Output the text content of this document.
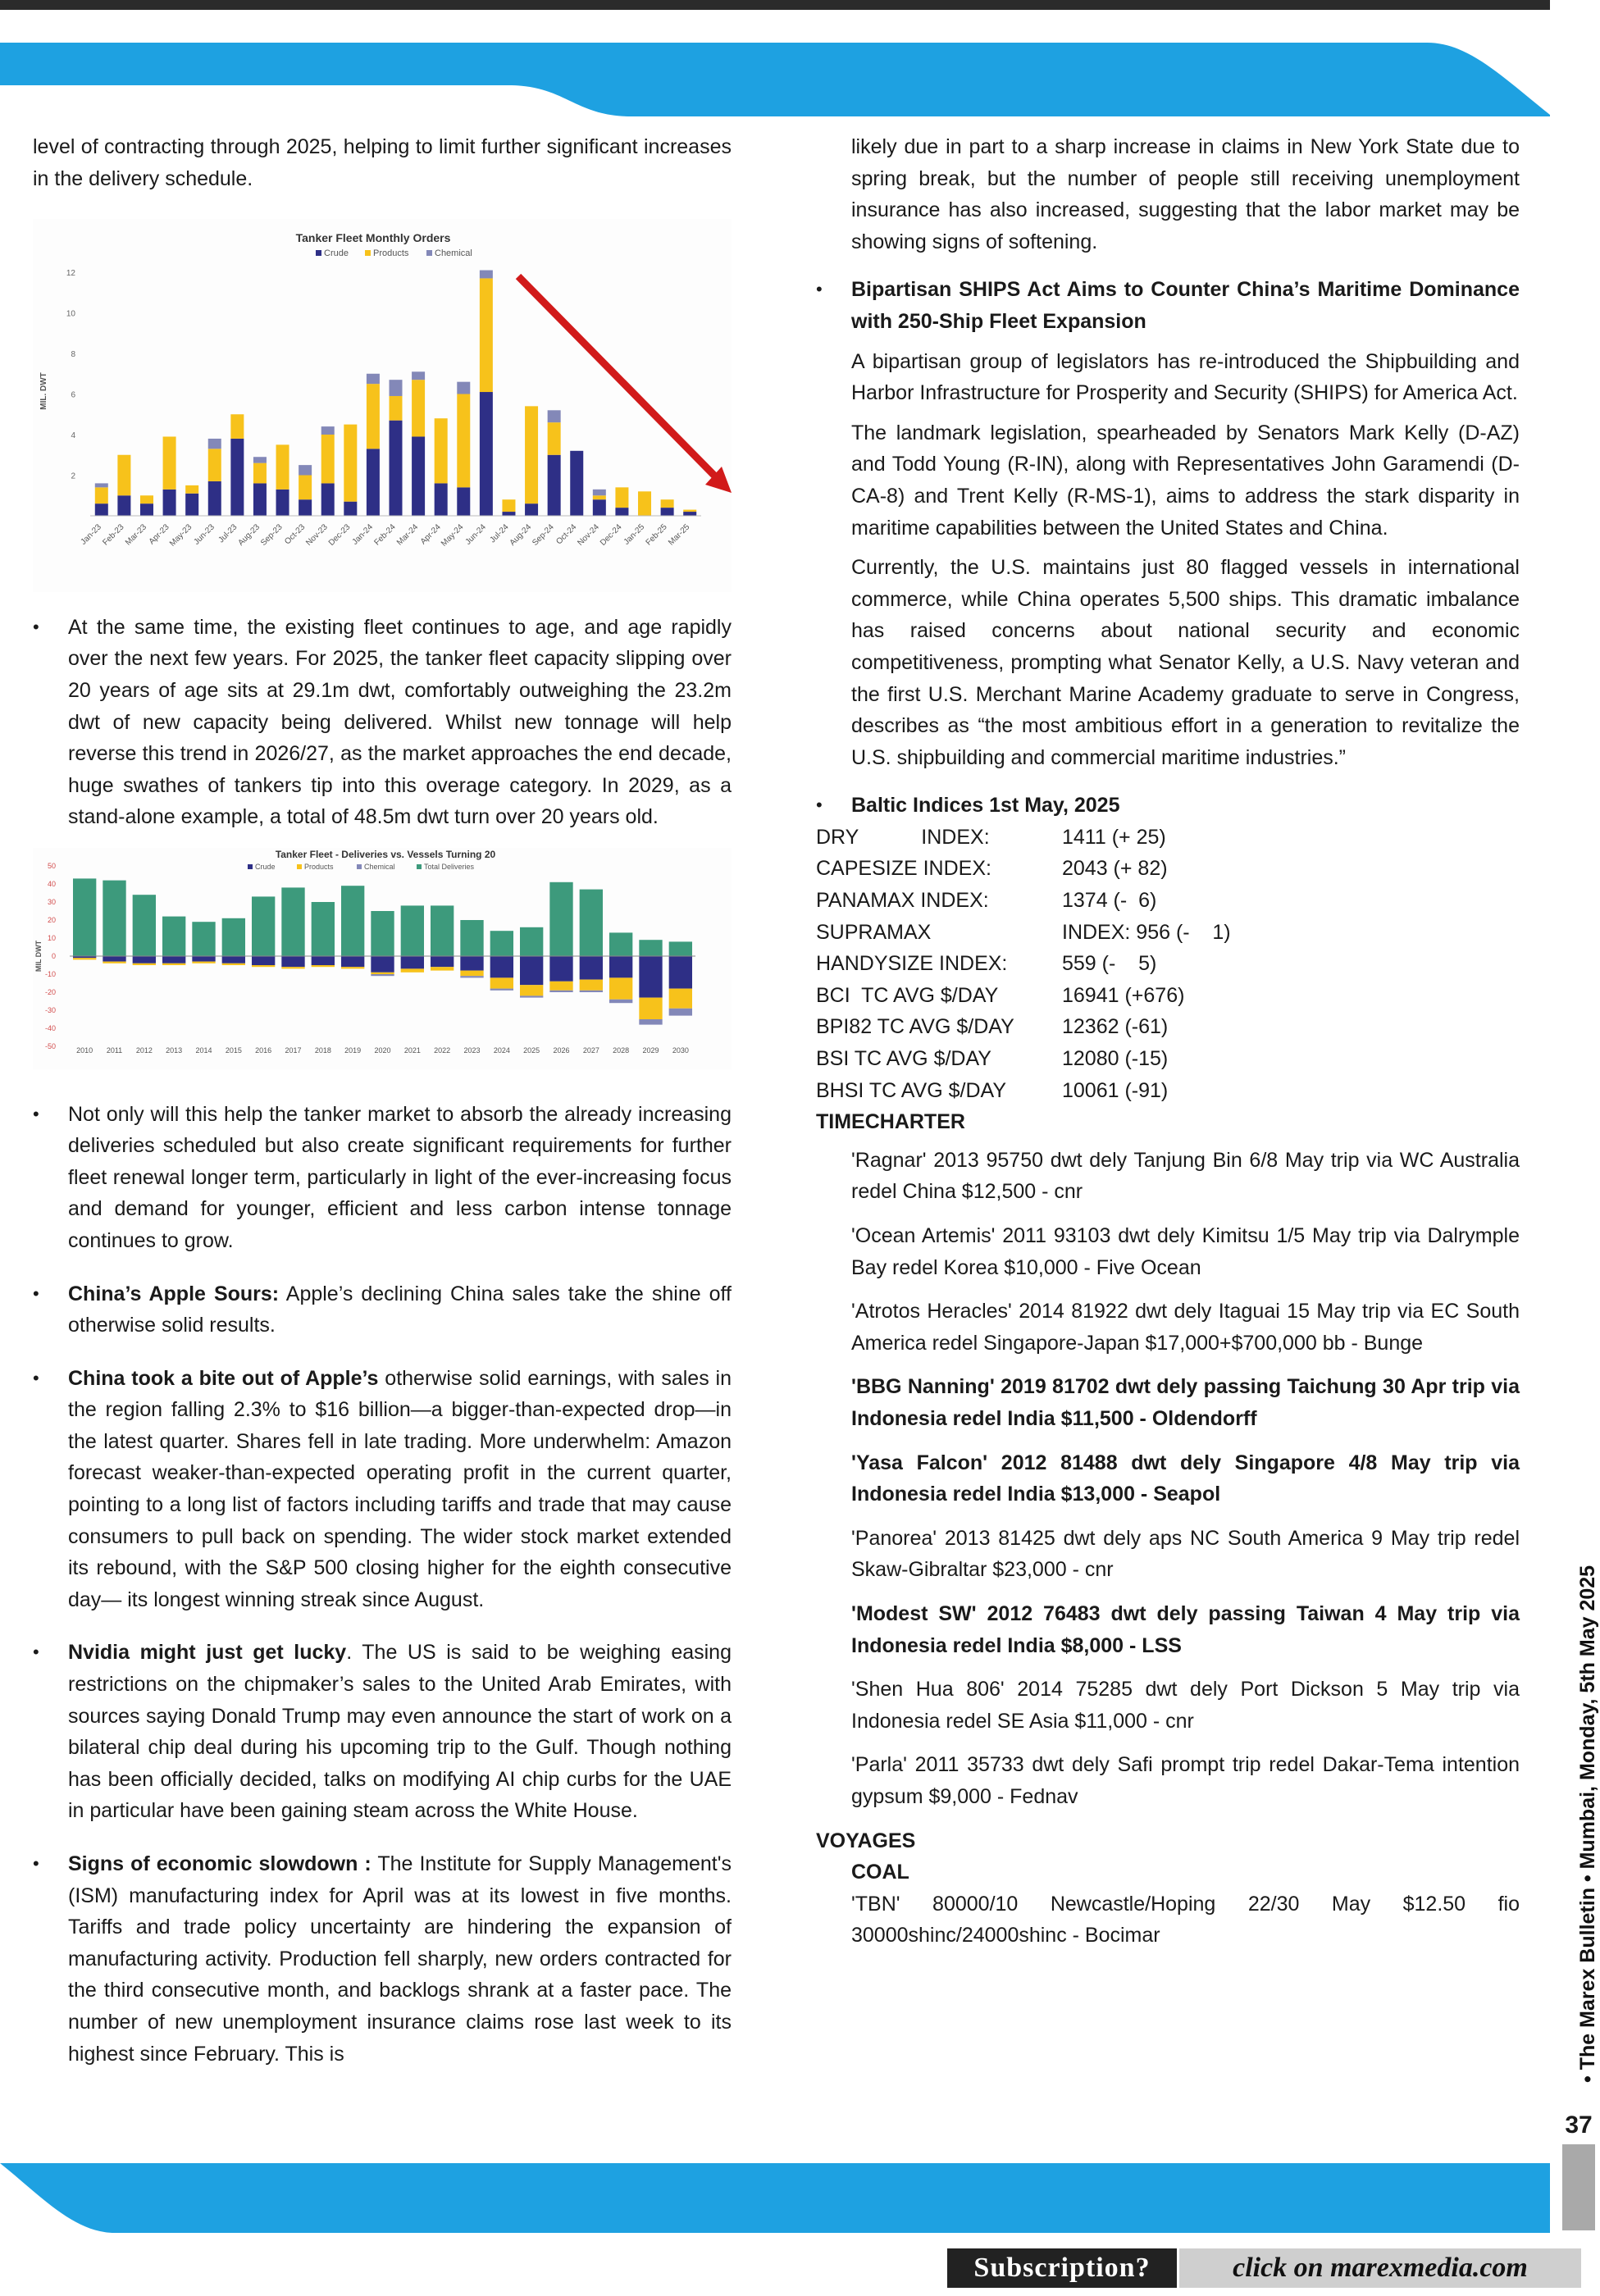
level of contracting through 2025, helping to limit further significant increases in the delivery schedule.

Tanker Fleet Monthly Orders
Crude	Products	Chemical
2
4
6
8
10
12
MIL. DWT
Jan-23
Feb-23
Mar-23
Apr-23
May-23
Jun-23 Jul-23
Aug-23
Sep-23
Oct-23
Nov-23
Dec-23
Jan-24
Feb-24
Mar-24
Apr-24
May-24
Jun-24 Jul-24
Aug-24
Sep-24
Oct-24
Nov-24
Dec-24
Jan-25
Feb-25
Mar-25
•	At the same time, the existing fleet continues to age, and age rapidly over the next few years. For 2025, the tanker fleet capacity slipping over 20 years of age sits at 29.1m dwt, comfortably outweighing the 23.2m dwt of new capacity being delivered. Whilst new tonnage will help reverse this trend in 2026/27, as the market approaches the end decade, huge swathes of tankers tip into this overage category. In 2029, as a stand-alone example, a total of 48.5m dwt turn over 20 years old.
Tanker Fleet - Deliveries vs. Vessels Turning 20
Crude	Products	Chemical	Total Deliveries
50
40
30
20
10
0
-10
-20
-30
-40
-50
MIL DWT
2010 2011 2012 2013 2014 2015 2016 2017 2018 2019 2020 2021 2022 2023 2024 2025 2026 2027 2028 2029 2030
•	Not only will this help the tanker market to absorb the already increasing deliveries scheduled but also create significant requirements for further fleet renewal longer term, particularly in light of the ever-increasing focus and demand for younger, efficient and less carbon intense tonnage continues to grow.
•	China’s Apple Sours: Apple’s declining China sales take the shine off otherwise solid results.
•	China took a bite out of Apple’s otherwise solid earnings, with sales in the region falling 2.3% to $16 billion—a bigger-than-expected drop—in the latest quarter. Shares fell in late trading. More underwhelm: Amazon forecast weaker-than-expected operating profit in the current quarter, pointing to a long list of factors including tariffs and trade that may cause consumers to pull back on spending. The wider stock market extended its rebound, with the S&P 500 closing higher for the eighth consecutive day— its longest winning streak since August.
•	Nvidia might just get lucky. The US is said to be weighing easing restrictions on the chipmaker’s sales to the United Arab Emirates, with sources saying Donald Trump may even announce the start of work on a bilateral chip deal during his upcoming trip to the Gulf. Though nothing has been officially decided, talks on modifying AI chip curbs for the UAE in particular have been gaining steam across the White House.
•	Signs of economic slowdown : The Institute for Supply Management's (ISM) manufacturing index for April was at its lowest in five months. Tariffs and trade policy uncertainty are hindering the expansion of manufacturing activity. Production fell sharply, new orders contracted for the third consecutive month, and backlogs shrank at a faster pace. The number of new unemployment insurance claims rose last week to its highest since February. This is

likely due in part to a sharp increase in claims in New York State due to spring break, but the number of people still receiving unemployment insurance has also increased, suggesting that the labor market may be showing signs of softening.

•	Bipartisan SHIPS Act Aims to Counter China’s Maritime Dominance with 250-Ship Fleet Expansion

A bipartisan group of legislators has re-introduced the Shipbuilding and Harbor Infrastructure for Prosperity and Security (SHIPS) for America Act.

The landmark legislation, spearheaded by Senators Mark Kelly (D-AZ) and Todd Young (R-IN), along with Representatives John Garamendi (D-CA-8) and Trent Kelly (R-MS-1), aims to address the stark disparity in maritime capabilities between the United States and China.

Currently, the U.S. maintains just 80 flagged vessels in international commerce, while China operates 5,500 ships. This dramatic imbalance has raised concerns about national security and economic competitiveness, prompting what Senator Kelly, a U.S. Navy veteran and the first U.S. Merchant Marine Academy graduate to serve in Congress, describes as “the most ambitious effort in a generation to revitalize the U.S. shipbuilding and commercial maritime industries.”

•	Baltic Indices 1st May, 2025
DRY           INDEX:	1411 (+ 25)
CAPESIZE INDEX:	2043 (+ 82)
PANAMAX INDEX:	1374 (-  6)
SUPRAMAX	INDEX: 956 (-    1)
HANDYSIZE INDEX:	559 (-    5)
BCI  TC AVG $/DAY	16941 (+676)
BPI82 TC AVG $/DAY	12362 (-61)
BSI TC AVG $/DAY	12080 (-15)
BHSI TC AVG $/DAY	10061 (-91)
TIMECHARTER
'Ragnar' 2013 95750 dwt dely Tanjung Bin 6/8 May trip via WC Australia redel China $12,500 - cnr
'Ocean Artemis' 2011 93103 dwt dely Kimitsu 1/5 May trip via Dalrymple Bay redel Korea $10,000 - Five Ocean
'Atrotos Heracles' 2014 81922 dwt dely Itaguai 15 May trip via EC South America redel Singapore-Japan $17,000+$700,000 bb - Bunge
'BBG Nanning' 2019 81702 dwt dely passing Taichung 30 Apr trip via Indonesia redel India $11,500 - Oldendorff
'Yasa Falcon' 2012 81488 dwt dely Singapore 4/8 May trip via Indonesia redel India $13,000 - Seapol
'Panorea' 2013 81425 dwt dely aps NC South America 9 May trip redel Skaw-Gibraltar $23,000 - cnr
'Modest SW' 2012 76483 dwt dely passing Taiwan 4 May trip via Indonesia redel India $8,000 - LSS
'Shen Hua 806' 2014 75285 dwt dely Port Dickson 5 May trip via Indonesia redel SE Asia $11,000 - cnr
'Parla' 2011 35733 dwt dely Safi prompt trip redel Dakar-Tema intention gypsum $9,000 - Fednav
VOYAGES
COAL

'TBN' 80000/10 Newcastle/Hoping 22/30 May $12.50 fio 30000shinc/24000shinc - Bocimar	• The Marex Bulletin • Mumbai, Monday, 5th May 2025
37
Subscription?	click on marexmedia.com
